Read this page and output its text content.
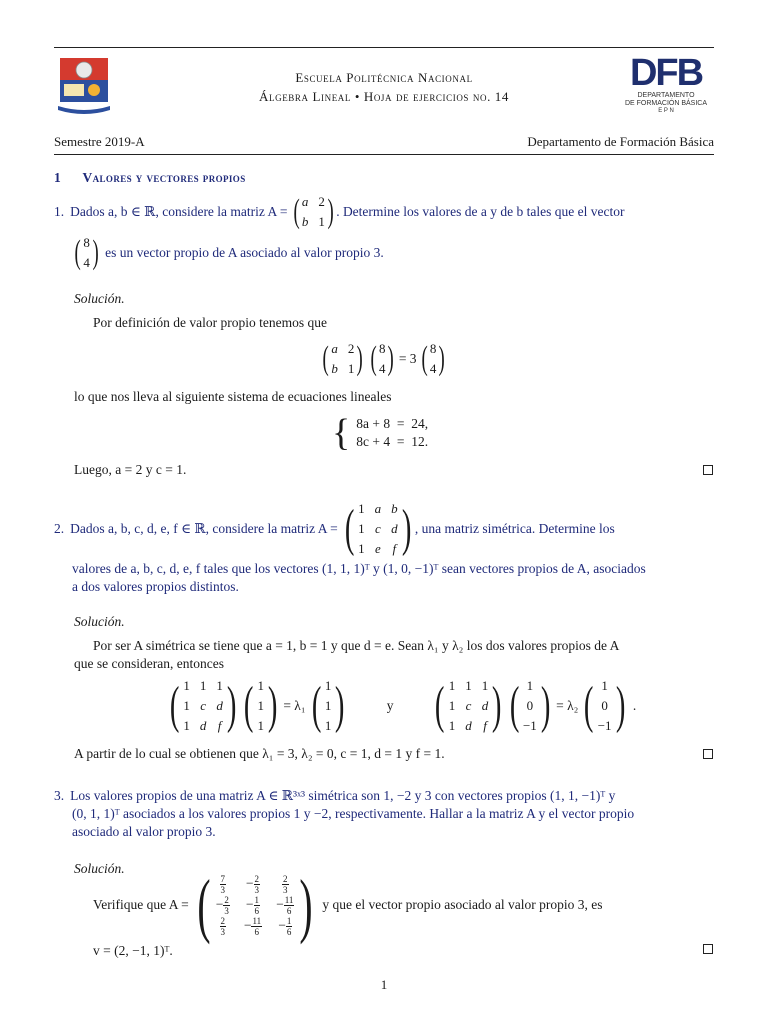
Escuela Politécnica Nacional
Álgebra Lineal • Hoja de ejercicios no. 14
DFB
DEPARTAMENTO
DE FORMACIÓN BÁSICA
E P N
Semestre 2019-A	Departamento de Formación Básica
1 Valores y vectores propios
1. Dados a, b ∈ ℝ, considere la matriz A = ( a 2
b 1 ) . Determine los valores de a y de b tales que el vector
( 8
4 ) es un vector propio de A asociado al valor propio 3.
Solución.
Por definición de valor propio tenemos que
( a 2
b 1 ) ( 8
4 ) = 3 ( 8
4 )
lo que nos lleva al siguiente sistema de ecuaciones lineales
{ 8a + 8  =  24,
8c + 4  =  12.
Luego, a = 2 y c = 1.
2. Dados a, b, c, d, e, f ∈ ℝ, considere la matriz A = ( 1 a b
1 c d
1 e f ) , una matriz simétrica. Determine los
valores de a, b, c, d, e, f tales que los vectores (1, 1, 1)ᵀ y (1, 0, −1)ᵀ sean vectores propios de A, asociados
a dos valores propios distintos.
Solución.
Por ser A simétrica se tiene que a = 1, b = 1 y que d = e. Sean λ₁ y λ₂ los dos valores propios de A
que se consideran, entonces
( 1 1 1
1 c d
1 d f ) ( 1
1
1 ) = λ₁ ( 1
1
1 )	y ( 1 1 1
1 c d
1 d f ) ( 1
0
−1 ) = λ₂ ( 1
0
−1 ) .
A partir de lo cual se obtienen que λ₁ = 3, λ₂ = 0, c = 1, d = 1 y f = 1.
3. Los valores propios de una matriz A ∈ ℝ³ˣ³ simétrica son 1, −2 y 3 con vectores propios (1, 1, −1)ᵀ y
(0, 1, 1)ᵀ asociados a los valores propios 1 y −2, respectivamente. Hallar a la matriz A y el vector propio
asociado al valor propio 3.
Solución.
Verifique que A = ( $\frac{7}{3} - \frac{2}{3} \frac{2}{3}$
− $\frac{2}{3} - \frac{1}{6} - \frac{11}{6}$
$\frac{2}{3} - \frac{11}{6} - \frac{1}{6}$ ) y que el vector propio asociado al valor propio 3, es
v = (2, −1, 1)ᵀ.
1
